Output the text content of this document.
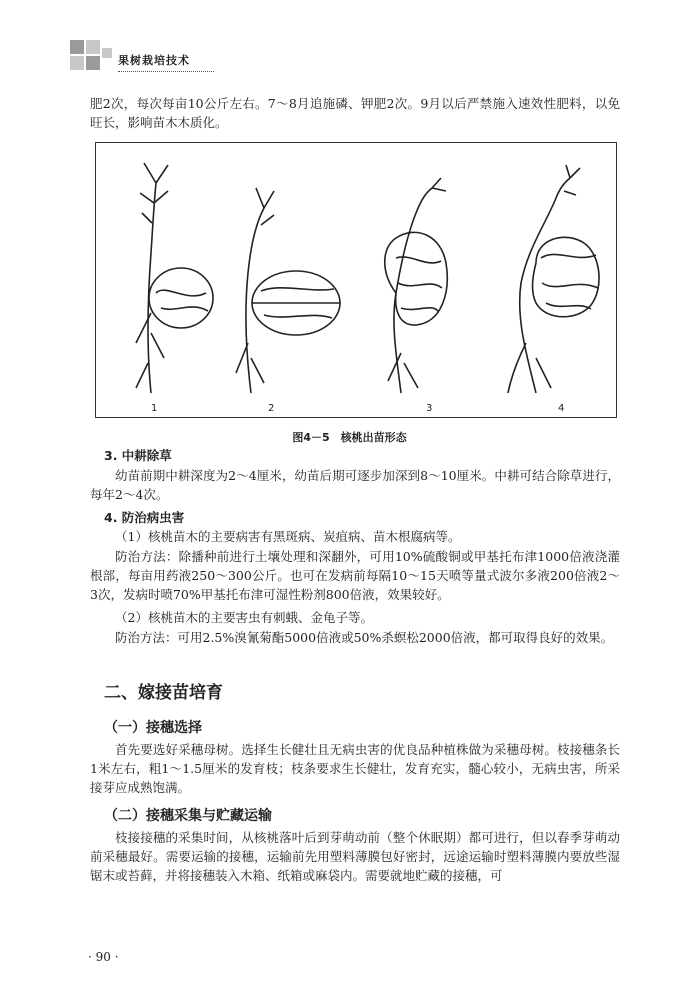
果树栽培技术
肥2次，每次每亩10公斤左右。7～8月追施磷、钾肥2次。9月以后严禁施入速效性肥料，以免旺长，影响苗木木质化。
1	2	3	4
图4－5　核桃出苗形态
3. 中耕除草
幼苗前期中耕深度为2～4厘米，幼苗后期可逐步加深到8～10厘米。中耕可结合除草进行，每年2～4次。
4. 防治病虫害
（1）核桃苗木的主要病害有黑斑病、炭疽病、苗木根腐病等。
防治方法：除播种前进行土壤处理和深翻外，可用10%硫酸铜或甲基托布津1000倍液浇灌根部，每亩用药液250～300公斤。也可在发病前每隔10～15天喷等量式波尔多液200倍液2～3次，发病时喷70%甲基托布津可湿性粉剂800倍液，效果较好。
（2）核桃苗木的主要害虫有刺蛾、金龟子等。
防治方法：可用2.5%溴氰菊酯5000倍液或50%杀螟松2000倍液，都可取得良好的效果。
二、嫁接苗培育
（一）接穗选择
首先要选好采穗母树。选择生长健壮且无病虫害的优良品种植株做为采穗母树。枝接穗条长1米左右，粗1～1.5厘米的发育枝；枝条要求生长健壮，发育充实，髓心较小，无病虫害，所采接芽应成熟饱满。
（二）接穗采集与贮藏运输
枝接接穗的采集时间，从核桃落叶后到芽萌动前（整个休眠期）都可进行，但以春季芽萌动前采穗最好。需要运输的接穗，运输前先用塑料薄膜包好密封，远途运输时塑料薄膜内要放些湿锯末或苔藓，并将接穗装入木箱、纸箱或麻袋内。需要就地贮藏的接穗，可
· 90 ·
